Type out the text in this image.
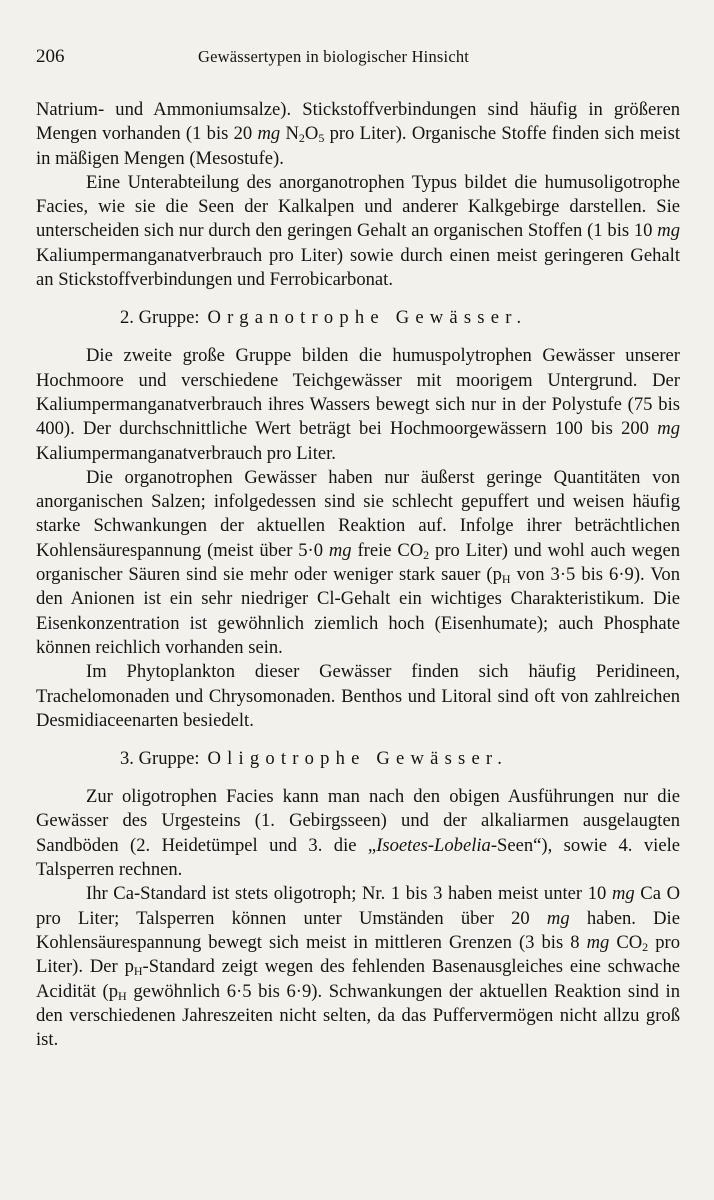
206	Gewässertypen in biologischer Hinsicht

Natrium- und Ammoniumsalze). Stickstoffverbindungen sind häufig in größeren Mengen vorhanden (1 bis 20 mg $N_2O_5$ pro Liter). Organische Stoffe finden sich meist in mäßigen Mengen (Mesostufe).

Eine Unterabteilung des anorganotrophen Typus bildet die humusoligotrophe Facies, wie sie die Seen der Kalkalpen und anderer Kalkgebirge darstellen. Sie unterscheiden sich nur durch den geringen Gehalt an organischen Stoffen (1 bis 10 mg Kaliumpermanganatverbrauch pro Liter) sowie durch einen meist geringeren Gehalt an Stickstoffverbindungen und Ferrobicarbonat.

2. Gruppe: Organotrophe Gewässer.

Die zweite große Gruppe bilden die humuspolytrophen Gewässer unserer Hochmoore und verschiedene Teichgewässer mit moorigem Untergrund. Der Kaliumpermanganatverbrauch ihres Wassers bewegt sich nur in der Polystufe (75 bis 400). Der durchschnittliche Wert beträgt bei Hochmoorgewässern 100 bis 200 mg Kaliumpermanganatverbrauch pro Liter.

Die organotrophen Gewässer haben nur äußerst geringe Quantitäten von anorganischen Salzen; infolgedessen sind sie schlecht gepuffert und weisen häufig starke Schwankungen der aktuellen Reaktion auf. Infolge ihrer beträchtlichen Kohlensäurespannung (meist über 5·0 mg freie $CO_2$ pro Liter) und wohl auch wegen organischer Säuren sind sie mehr oder weniger stark sauer ($p_H$ von 3·5 bis 6·9). Von den Anionen ist ein sehr niedriger Cl-Gehalt ein wichtiges Charakteristikum. Die Eisenkonzentration ist gewöhnlich ziemlich hoch (Eisenhumate); auch Phosphate können reichlich vorhanden sein.

Im Phytoplankton dieser Gewässer finden sich häufig Peridineen, Trachelomonaden und Chrysomonaden. Benthos und Litoral sind oft von zahlreichen Desmidiaceenarten besiedelt.

3. Gruppe: Oligotrophe Gewässer.

Zur oligotrophen Facies kann man nach den obigen Ausführungen nur die Gewässer des Urgesteins (1. Gebirgsseen) und der alkaliarmen ausgelaugten Sandböden (2. Heidetümpel und 3. die „Isoetes-Lobelia-Seen“), sowie 4. viele Talsperren rechnen.

Ihr Ca-Standard ist stets oligotroph; Nr. 1 bis 3 haben meist unter 10 mg Ca O pro Liter; Talsperren können unter Umständen über 20 mg haben. Die Kohlensäurespannung bewegt sich meist in mittleren Grenzen (3 bis 8 mg $CO_2$ pro Liter). Der $p_H$-Standard zeigt wegen des fehlenden Basenausgleiches eine schwache Acidität ($p_H$ gewöhnlich 6·5 bis 6·9). Schwankungen der aktuellen Reaktion sind in den verschiedenen Jahreszeiten nicht selten, da das Puffervermögen nicht allzu groß ist.
